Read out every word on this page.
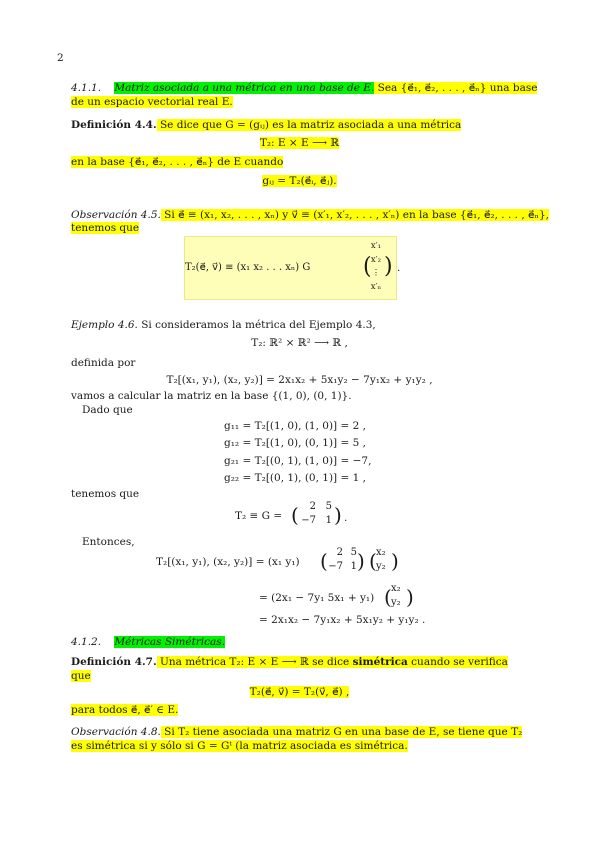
2
4.1.1. Matriz asociada a una métrica en una base de E. Sea {e⃗₁, e⃗₂, . . . , e⃗ₙ} una base
de un espacio vectorial real E.
Definición 4.4. Se dice que G = (gᵢⱼ) es la matriz asociada a una métrica
T₂: E × E ⟶ ℝ
en la base {e⃗₁, e⃗₂, . . . , e⃗ₙ} de E cuando
gᵢⱼ = T₂(e⃗ᵢ, e⃗ⱼ).
Observación 4.5. Si e⃗ ≡ (x₁, x₂, . . . , xₙ) y v⃗ ≡ (x′₁, x′₂, . . . , x′ₙ) en la base {e⃗₁, e⃗₂, . . . , e⃗ₙ},
tenemos que
T₂(e⃗, v⃗) ≡ (x₁ x₂ . . . xₙ) G (
x′₁
x′₂
⋮
x′ₙ
) .
Ejemplo 4.6. Si consideramos la métrica del Ejemplo 4.3,
T₂: ℝ² × ℝ² ⟶ ℝ ,
definida por
T₂[(x₁, y₁), (x₂, y₂)] = 2x₁x₂ + 5x₁y₂ − 7y₁x₂ + y₁y₂ ,
vamos a calcular la matriz en la base {(1, 0), (0, 1)}.
Dado que
g₁₁ = T₂[(1, 0), (1, 0)] = 2 ,
g₁₂ = T₂[(1, 0), (0, 1)] = 5 ,
g₂₁ = T₂[(0, 1), (1, 0)] = −7,
g₂₂ = T₂[(0, 1), (0, 1)] = 1 ,
tenemos que
T₂ ≡ G = (	2 5
−7 1 ) .
Entonces,
T₂[(x₁, y₁), (x₂, y₂)] = (x₁ y₁) ( 2 5
−7 1 ) ( x₂
y₂ )
= (2x₁ − 7y₁ 5x₁ + y₁) ( x₂
y₂ )
= 2x₁x₂ − 7y₁x₂ + 5x₁y₂ + y₁y₂ .
4.1.2. Métricas Simétricas.
Definición 4.7. Una métrica T₂: E × E ⟶ ℝ se dice simétrica cuando se verifica
que
T₂(e⃗, v⃗) = T₂(v⃗, e⃗) ,
para todos e⃗, e⃗′ ∈ E.
Observación 4.8. Si T₂ tiene asociada una matriz G en una base de E, se tiene que T₂
es simétrica si y sólo si G = Gᵗ (la matriz asociada es simétrica.
